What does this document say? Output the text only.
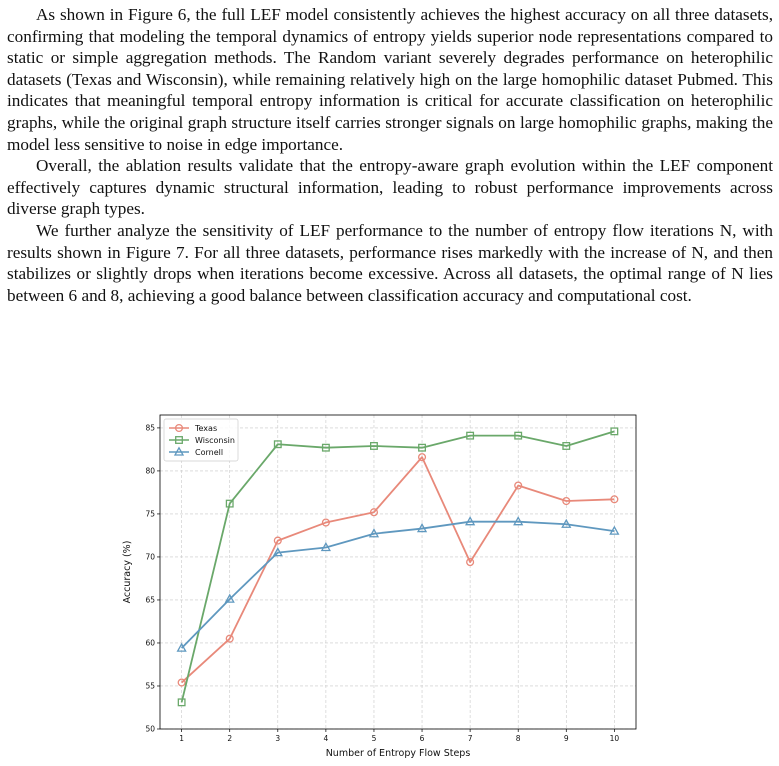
As shown in Figure 6, the full LEF model consistently achieves the highest accuracy on all three datasets, confirming that modeling the temporal dynamics of entropy yields superior node representations compared to static or simple aggregation methods. The Random variant severely degrades performance on heterophilic datasets (Texas and Wisconsin), while remaining relatively high on the large homophilic dataset Pubmed. This indicates that meaningful temporal entropy information is critical for accurate classification on heterophilic graphs, while the original graph structure itself carries stronger signals on large homophilic graphs, making the model less sensitive to noise in edge importance.

Overall, the ablation results validate that the entropy-aware graph evolution within the LEF component effectively captures dynamic structural information, leading to robust performance improvements across diverse graph types.

We further analyze the sensitivity of LEF performance to the number of entropy flow iterations N, with results shown in Figure 7. For all three datasets, performance rises markedly with the increase of N, and then stabilizes or slightly drops when iterations become excessive. Across all datasets, the optimal range of N lies between 6 and 8, achieving a good balance between classification accuracy and computational cost.

1	2	3	4	5	6	7	8	9	10
50
55
60
65
70
75
80
85	Texas
Wisconsin
Cornell
Number of Entropy Flow Steps
Accuracy (%)
